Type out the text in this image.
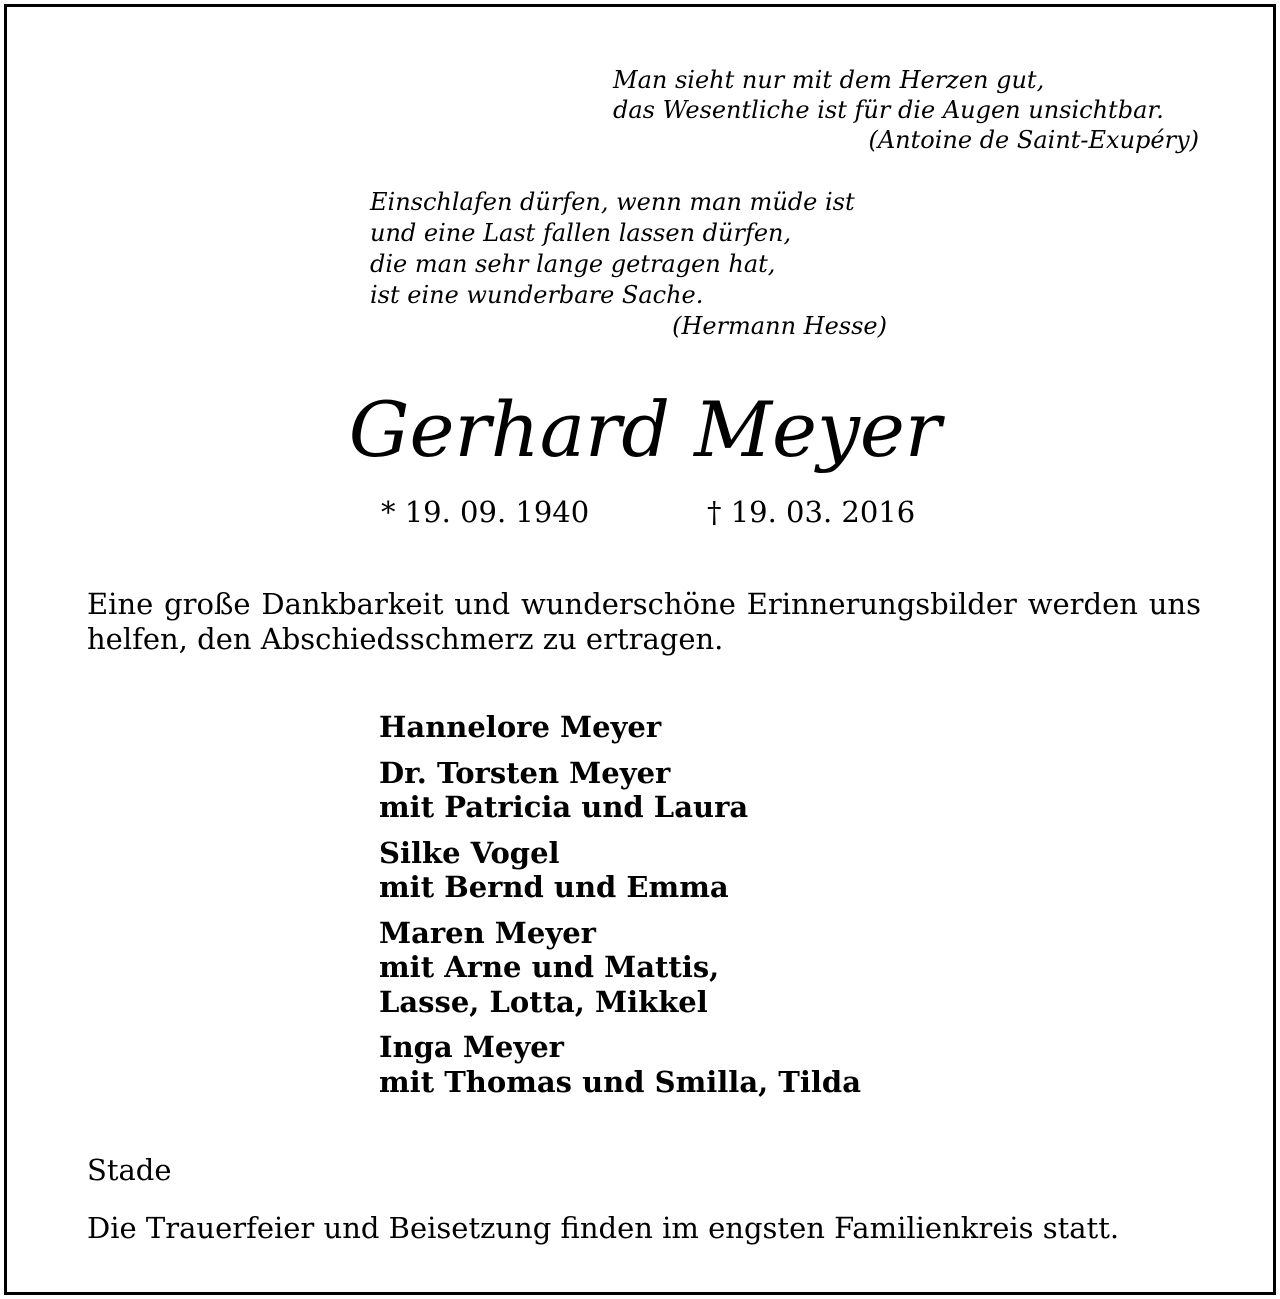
Man sieht nur mit dem Herzen gut,
das Wesentliche ist für die Augen unsichtbar.
(Antoine de Saint-Exupéry)
Einschlafen dürfen, wenn man müde ist
und eine Last fallen lassen dürfen,
die man sehr lange getragen hat,
ist eine wunderbare Sache.
(Hermann Hesse)
Gerhard Meyer
* 19. 09. 1940	† 19. 03. 2016
Eine große Dankbarkeit und wunderschöne Erinnerungsbilder werden uns
helfen, den Abschiedsschmerz zu ertragen.
Hannelore Meyer
Dr. Torsten Meyer
mit Patricia und Laura
Silke Vogel
mit Bernd und Emma
Maren Meyer
mit Arne und Mattis,
Lasse, Lotta, Mikkel
Inga Meyer
mit Thomas und Smilla, Tilda
Stade
Die Trauerfeier und Beisetzung finden im engsten Familienkreis statt.
